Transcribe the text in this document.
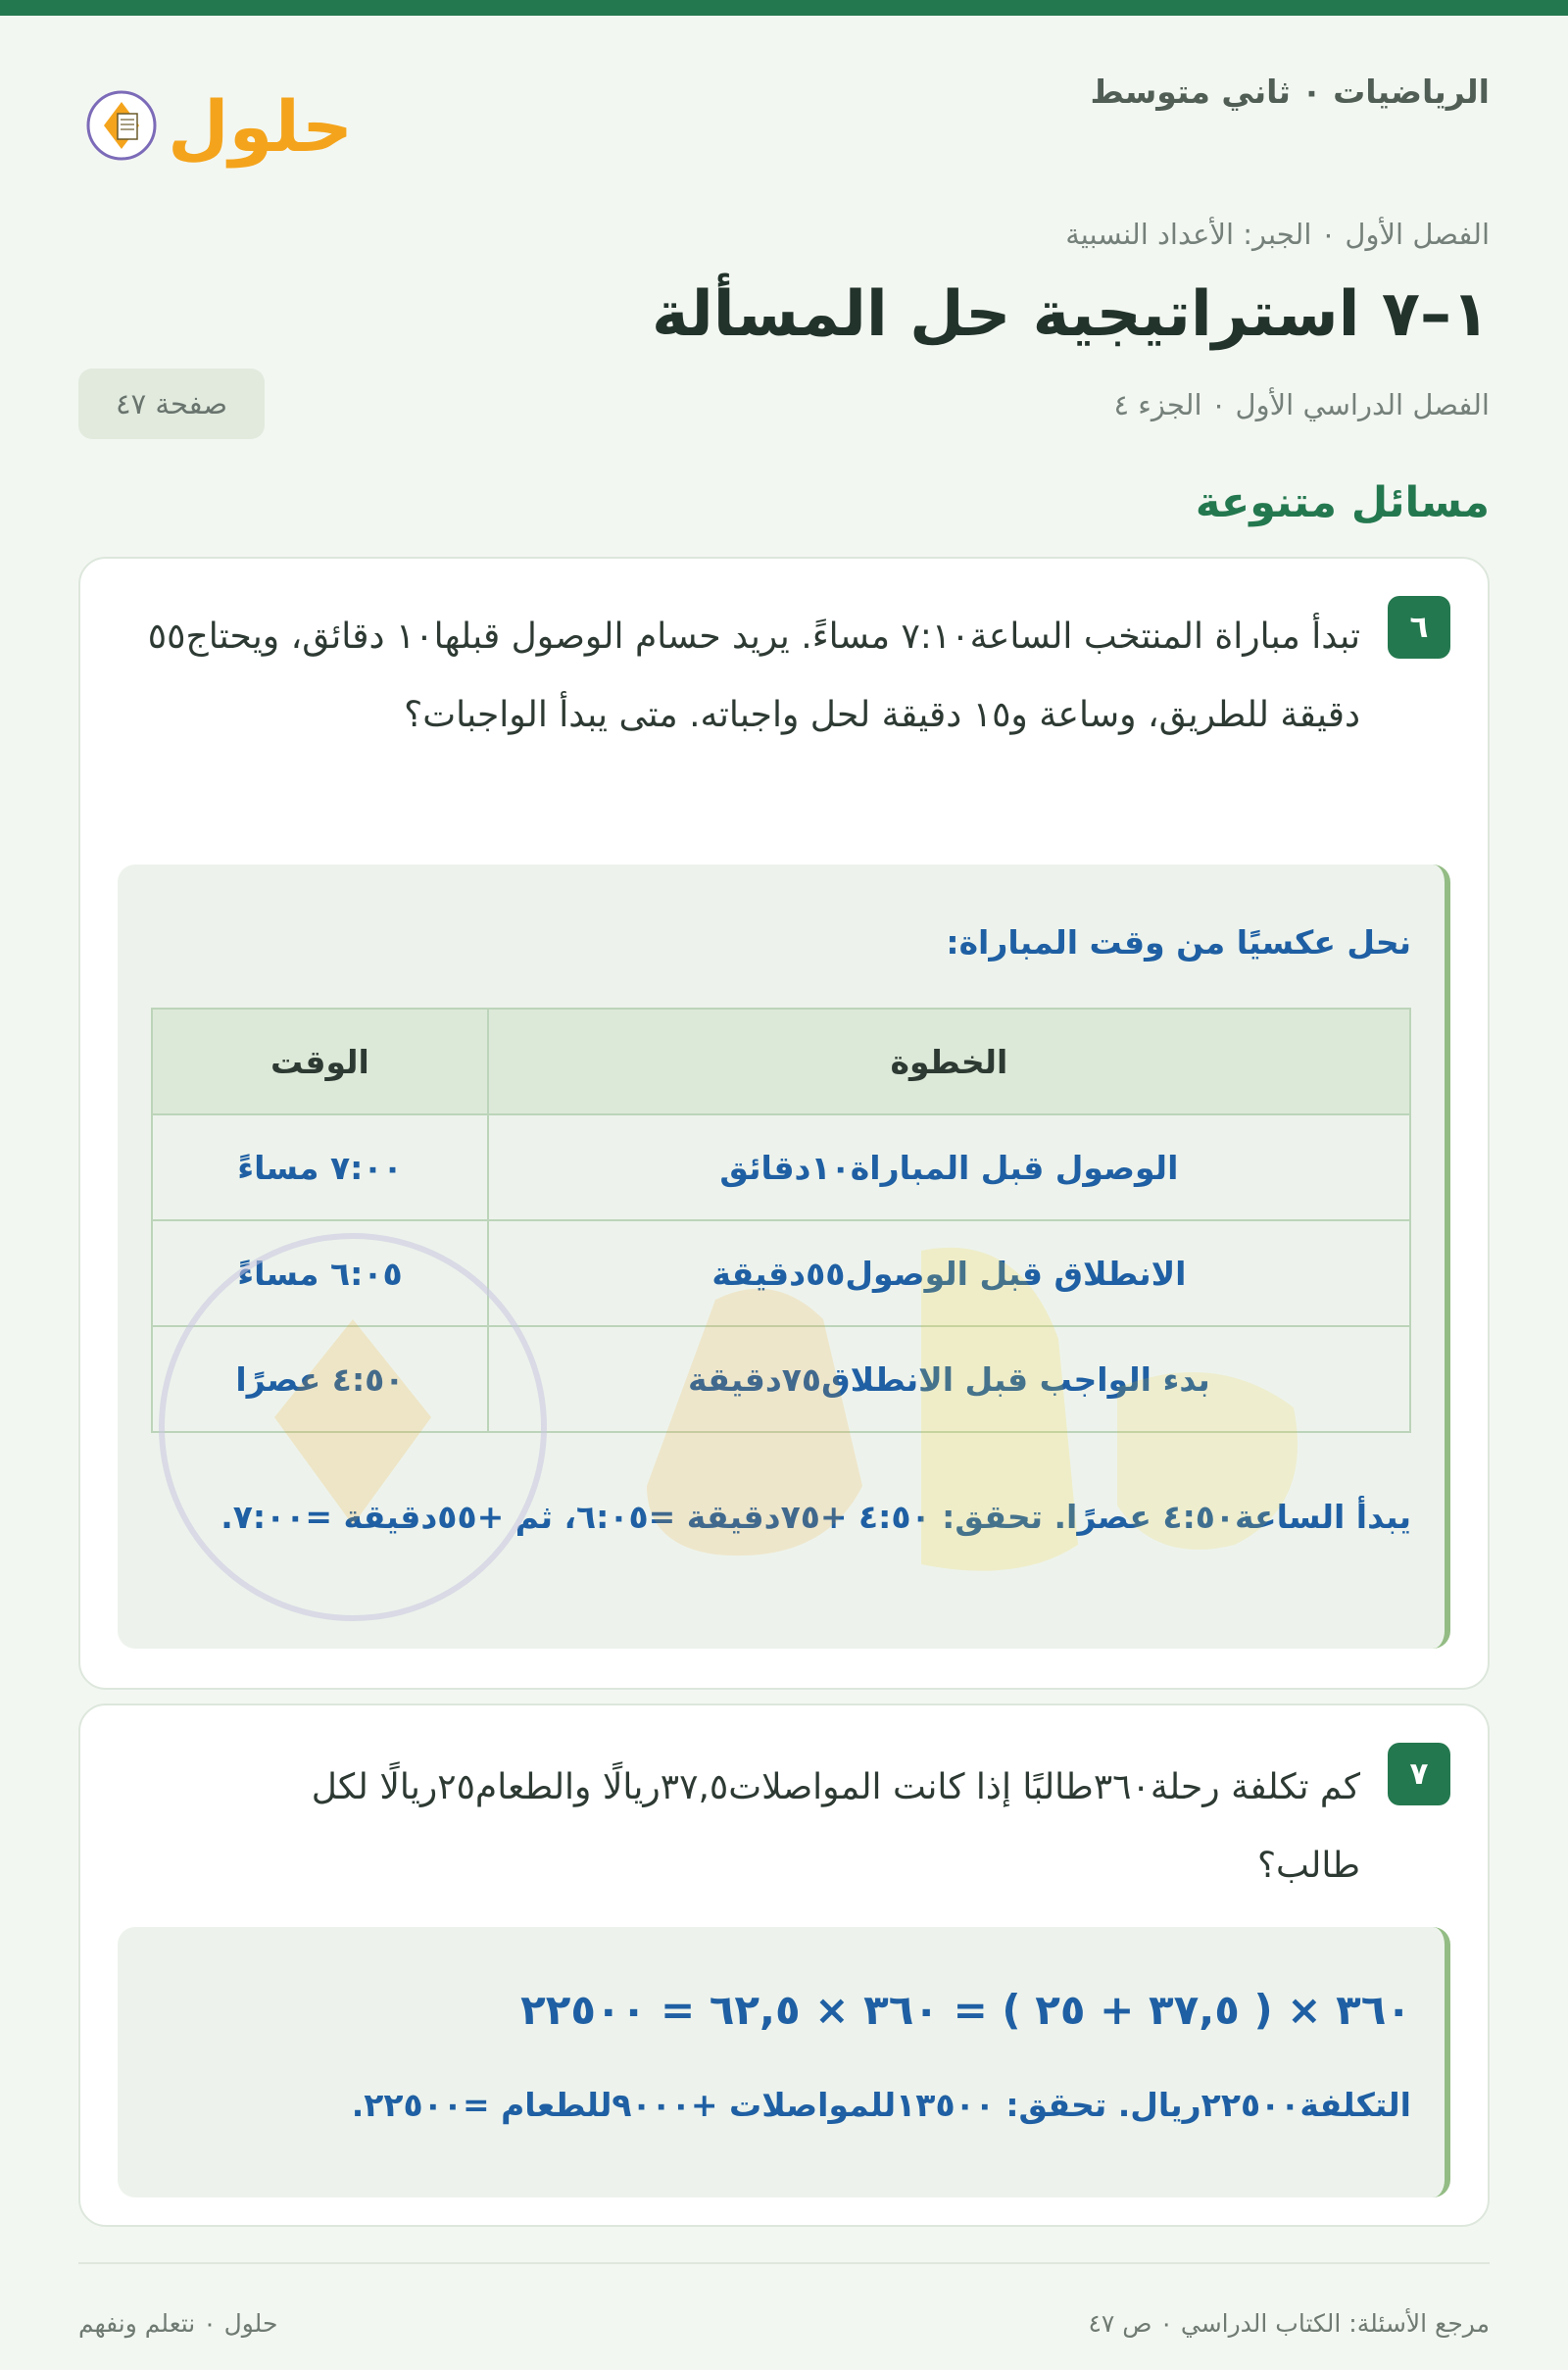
الرياضيات ٠ ثاني متوسط
حلول
الفصل الأول ٠ الجبر: الأعداد النسبية
١–٧ استراتيجية حل المسألة
الفصل الدراسي الأول ٠ الجزء ٤
صفحة ٤٧
مسائل متنوعة
٦
تبدأ مباراة المنتخب الساعة٧:١٠ مساءً. يريد حسام الوصول قبلها١٠ دقائق، ويحتاج٥٥ دقيقة للطريق، وساعة و١٥ دقيقة لحل واجباته. متى يبدأ الواجبات؟
نحل عكسيًا من وقت المباراة:
الخطوة	الوقت
الوصول قبل المباراة١٠دقائق	٧:٠٠ مساءً
الانطلاق قبل الوصول٥٥دقيقة	٦:٠٥ مساءً
بدء الواجب قبل الانطلاق٧٥دقيقة	٤:٥٠ عصرًا
يبدأ الساعة٤:٥٠ عصرًا. تحقق: ٤:٥٠ +٧٥دقيقة =٦:٠٥، ثم +٥٥دقيقة =٧:٠٠.
٧
كم تكلفة رحلة٣٦٠طالبًا إذا كانت المواصلات٣٧,٥ريالًا والطعام٢٥ريالًا لكل طالب؟
٣٦٠ × ( ٣٧,٥ + ٢٥ ) = ٣٦٠ × ٦٢,٥ = ٢٢٥٠٠
التكلفة٢٢٥٠٠ريال. تحقق: ١٣٥٠٠للمواصلات +٩٠٠٠للطعام =٢٢٥٠٠.
مرجع الأسئلة: الكتاب الدراسي ٠ ص ٤٧
حلول ٠ نتعلم ونفهم
